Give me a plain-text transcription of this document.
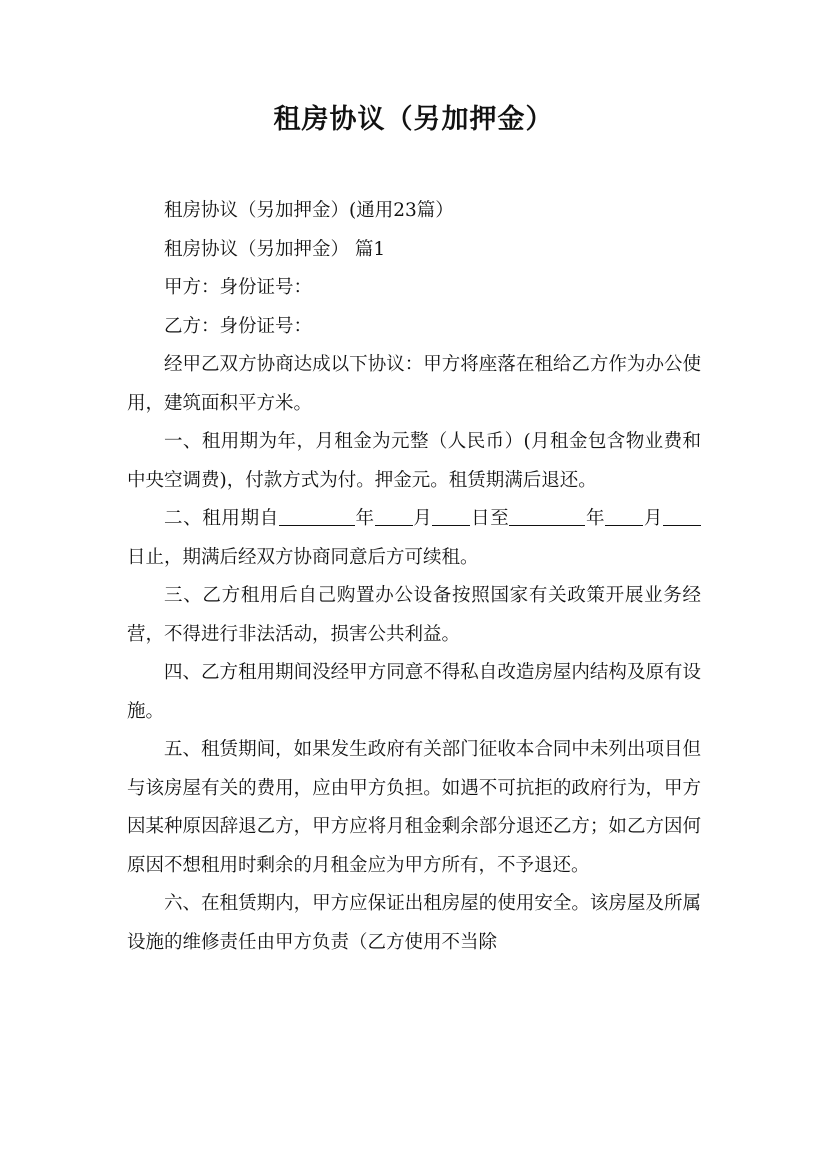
租房协议（另加押金）

租房协议（另加押金）(通用23篇）

租房协议（另加押金） 篇1

甲方：身份证号：

乙方：身份证号：

经甲乙双方协商达成以下协议：甲方将座落在租给乙方作为办公使用，建筑面积平方米。

一、租用期为年，月租金为元整（人民币）(月租金包含物业费和中央空调费)，付款方式为付。押金元。租赁期满后退还。

二、租用期自	年 月 日至	年 月日止，期满后经双方协商同意后方可续租。

三、乙方租用后自己购置办公设备按照国家有关政策开展业务经营，不得进行非法活动，损害公共利益。

四、乙方租用期间没经甲方同意不得私自改造房屋内结构及原有设施。

五、租赁期间，如果发生政府有关部门征收本合同中未列出项目但与该房屋有关的费用，应由甲方负担。如遇不可抗拒的政府行为，甲方因某种原因辞退乙方，甲方应将月租金剩余部分退还乙方；如乙方因何原因不想租用时剩余的月租金应为甲方所有，不予退还。

六、在租赁期内，甲方应保证出租房屋的使用安全。该房屋及所属设施的维修责任由甲方负责（乙方使用不当除
